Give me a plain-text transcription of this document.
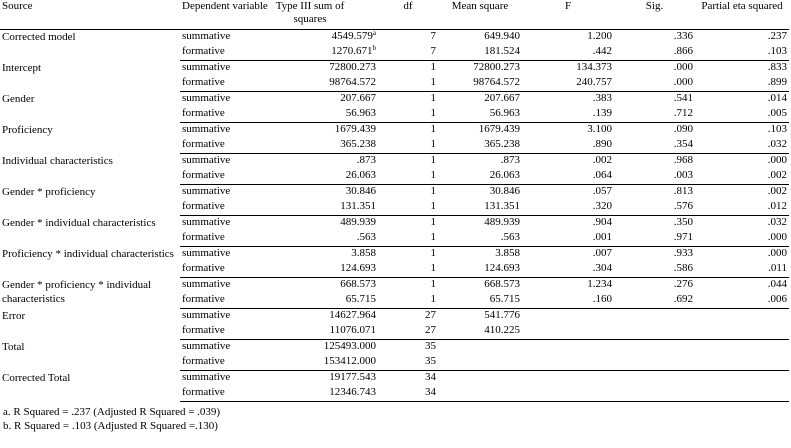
Source	Dependent variable	Type III sum of squares	df	Mean square	F	Sig.	Partial eta squared
Corrected model	summative	4549.579$^a$	7	649.940	1.200	.336	.237
	formative	1270.671$^b$	7	181.524	.442	.866	.103
Intercept	summative	72800.273	1	72800.273	134.373	.000	.833
	formative	98764.572	1	98764.572	240.757	.000	.899
Gender	summative	207.667	1	207.667	.383	.541	.014
	formative	56.963	1	56.963	.139	.712	.005
Proficiency	summative	1679.439	1	1679.439	3.100	.090	.103
	formative	365.238	1	365.238	.890	.354	.032
Individual characteristics	summative	.873	1	.873	.002	.968	.000
	formative	26.063	1	26.063	.064	.003	.002
Gender * proficiency	summative	30.846	1	30.846	.057	.813	.002
	formative	131.351	1	131.351	.320	.576	.012
Gender * individual characteristics	summative	489.939	1	489.939	.904	.350	.032
	formative	.563	1	.563	.001	.971	.000
Proficiency * individual characteristics	summative	3.858	1	3.858	.007	.933	.000
	formative	124.693	1	124.693	.304	.586	.011
Gender * proficiency * individual characteristics	summative	668.573	1	668.573	1.234	.276	.044
	formative	65.715	1	65.715	.160	.692	.006
Error	summative	14627.964	27	541.776			
	formative	11076.071	27	410.225			
Total	summative	125493.000	35				
	formative	153412.000	35				
Corrected Total	summative	19177.543	34				
	formative	12346.743	34				
a. R Squared = .237 (Adjusted R Squared = .039)
b. R Squared = .103 (Adjusted R Squared =.130)
